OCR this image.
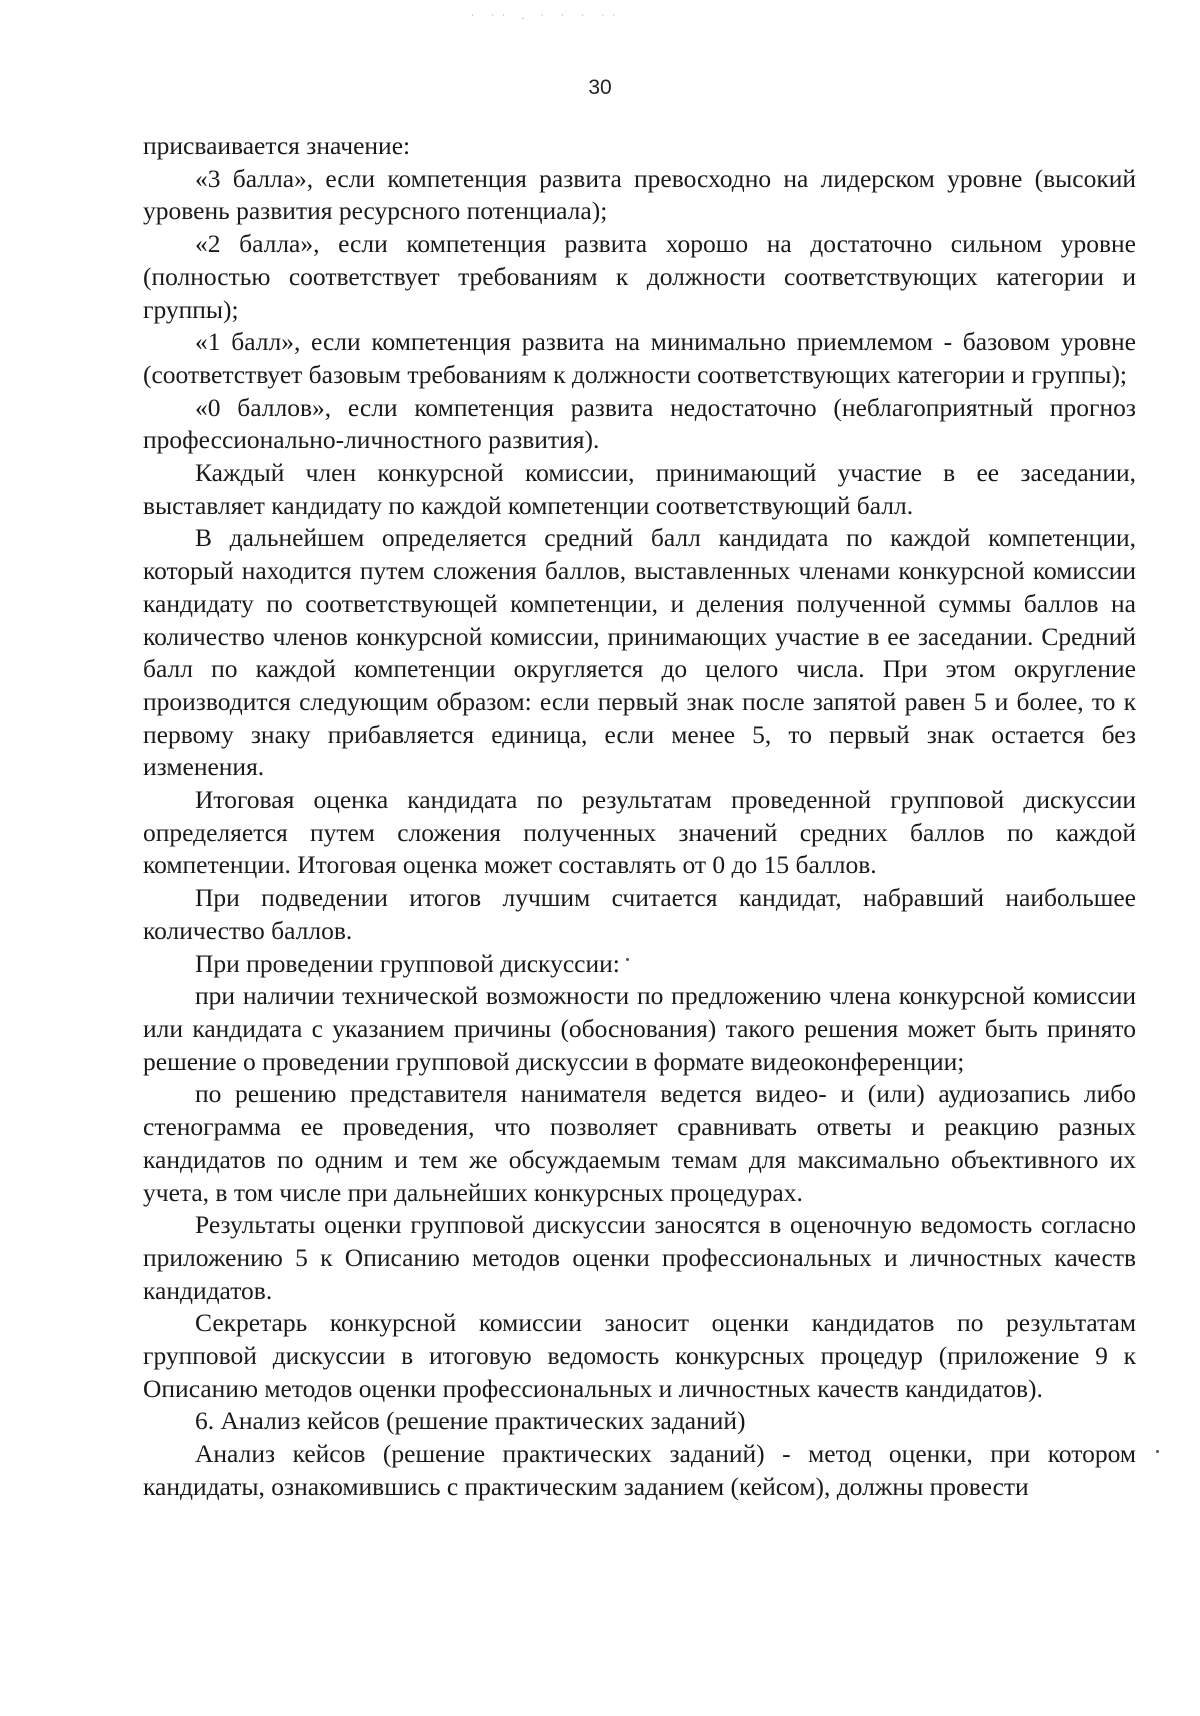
˙ ˙˙ · ˙ ˙ ˙ ˙˙
30

присваивается значение:

«3 балла», если компетенция развита превосходно на лидерском уровне (высокий уровень развития ресурсного потенциала);

«2 балла», если компетенция развита хорошо на достаточно сильном уровне (полностью соответствует требованиям к должности соответствующих категории и группы);

«1 балл», если компетенция развита на минимально приемлемом - базовом уровне (соответствует базовым требованиям к должности соответствующих категории и группы);

«0 баллов», если компетенция развита недостаточно (неблагоприятный прогноз профессионально-личностного развития).

Каждый член конкурсной комиссии, принимающий участие в ее заседании, выставляет кандидату по каждой компетенции соответствующий балл.

В дальнейшем определяется средний балл кандидата по каждой компетенции, который находится путем сложения баллов, выставленных членами конкурсной комиссии кандидату по соответствующей компетенции, и деления полученной суммы баллов на количество членов конкурсной комиссии, принимающих участие в ее заседании. Средний балл по каждой компетенции округляется до целого числа. При этом округление производится следующим образом: если первый знак после запятой равен 5 и более, то к первому знаку прибавляется единица, если менее 5, то первый знак остается без изменения.

Итоговая оценка кандидата по результатам проведенной групповой дискуссии определяется путем сложения полученных значений средних баллов по каждой компетенции. Итоговая оценка может составлять от 0 до 15 баллов.

При подведении итогов лучшим считается кандидат, набравший наибольшее количество баллов.

При проведении групповой дискуссии:

при наличии технической возможности по предложению члена конкурсной комиссии или кандидата с указанием причины (обоснования) такого решения может быть принято решение о проведении групповой дискуссии в формате видеоконференции;

по решению представителя нанимателя ведется видео- и (или) аудиозапись либо стенограмма ее проведения, что позволяет сравнивать ответы и реакцию разных кандидатов по одним и тем же обсуждаемым темам для максимально объективного их учета, в том числе при дальнейших конкурсных процедурах.

Результаты оценки групповой дискуссии заносятся в оценочную ведомость согласно приложению 5 к Описанию методов оценки профессиональных и личностных качеств кандидатов.

Секретарь конкурсной комиссии заносит оценки кандидатов по результатам групповой дискуссии в итоговую ведомость конкурсных процедур (приложение 9 к Описанию методов оценки профессиональных и личностных качеств кандидатов).

6. Анализ кейсов (решение практических заданий)

Анализ кейсов (решение практических заданий) - метод оценки, при котором кандидаты, ознакомившись с практическим заданием (кейсом), должны провести
